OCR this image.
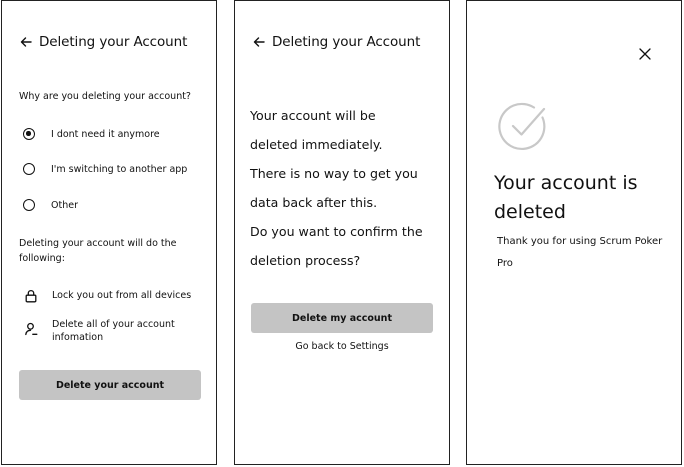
Deleting your Account
Why are you deleting your account?
I dont need it anymore
I'm switching to another app
Other
Deleting your account will do the following:
Lock you out from all devices
Delete all of your account infomation
Delete your account
Deleting your Account
Your account will be
deleted immediately.
There is no way to get you
data back after this.
Do you want to confirm the
deletion process?
Delete my account
Go back to Settings
Your account is deleted
Thank you for using Scrum Poker Pro
